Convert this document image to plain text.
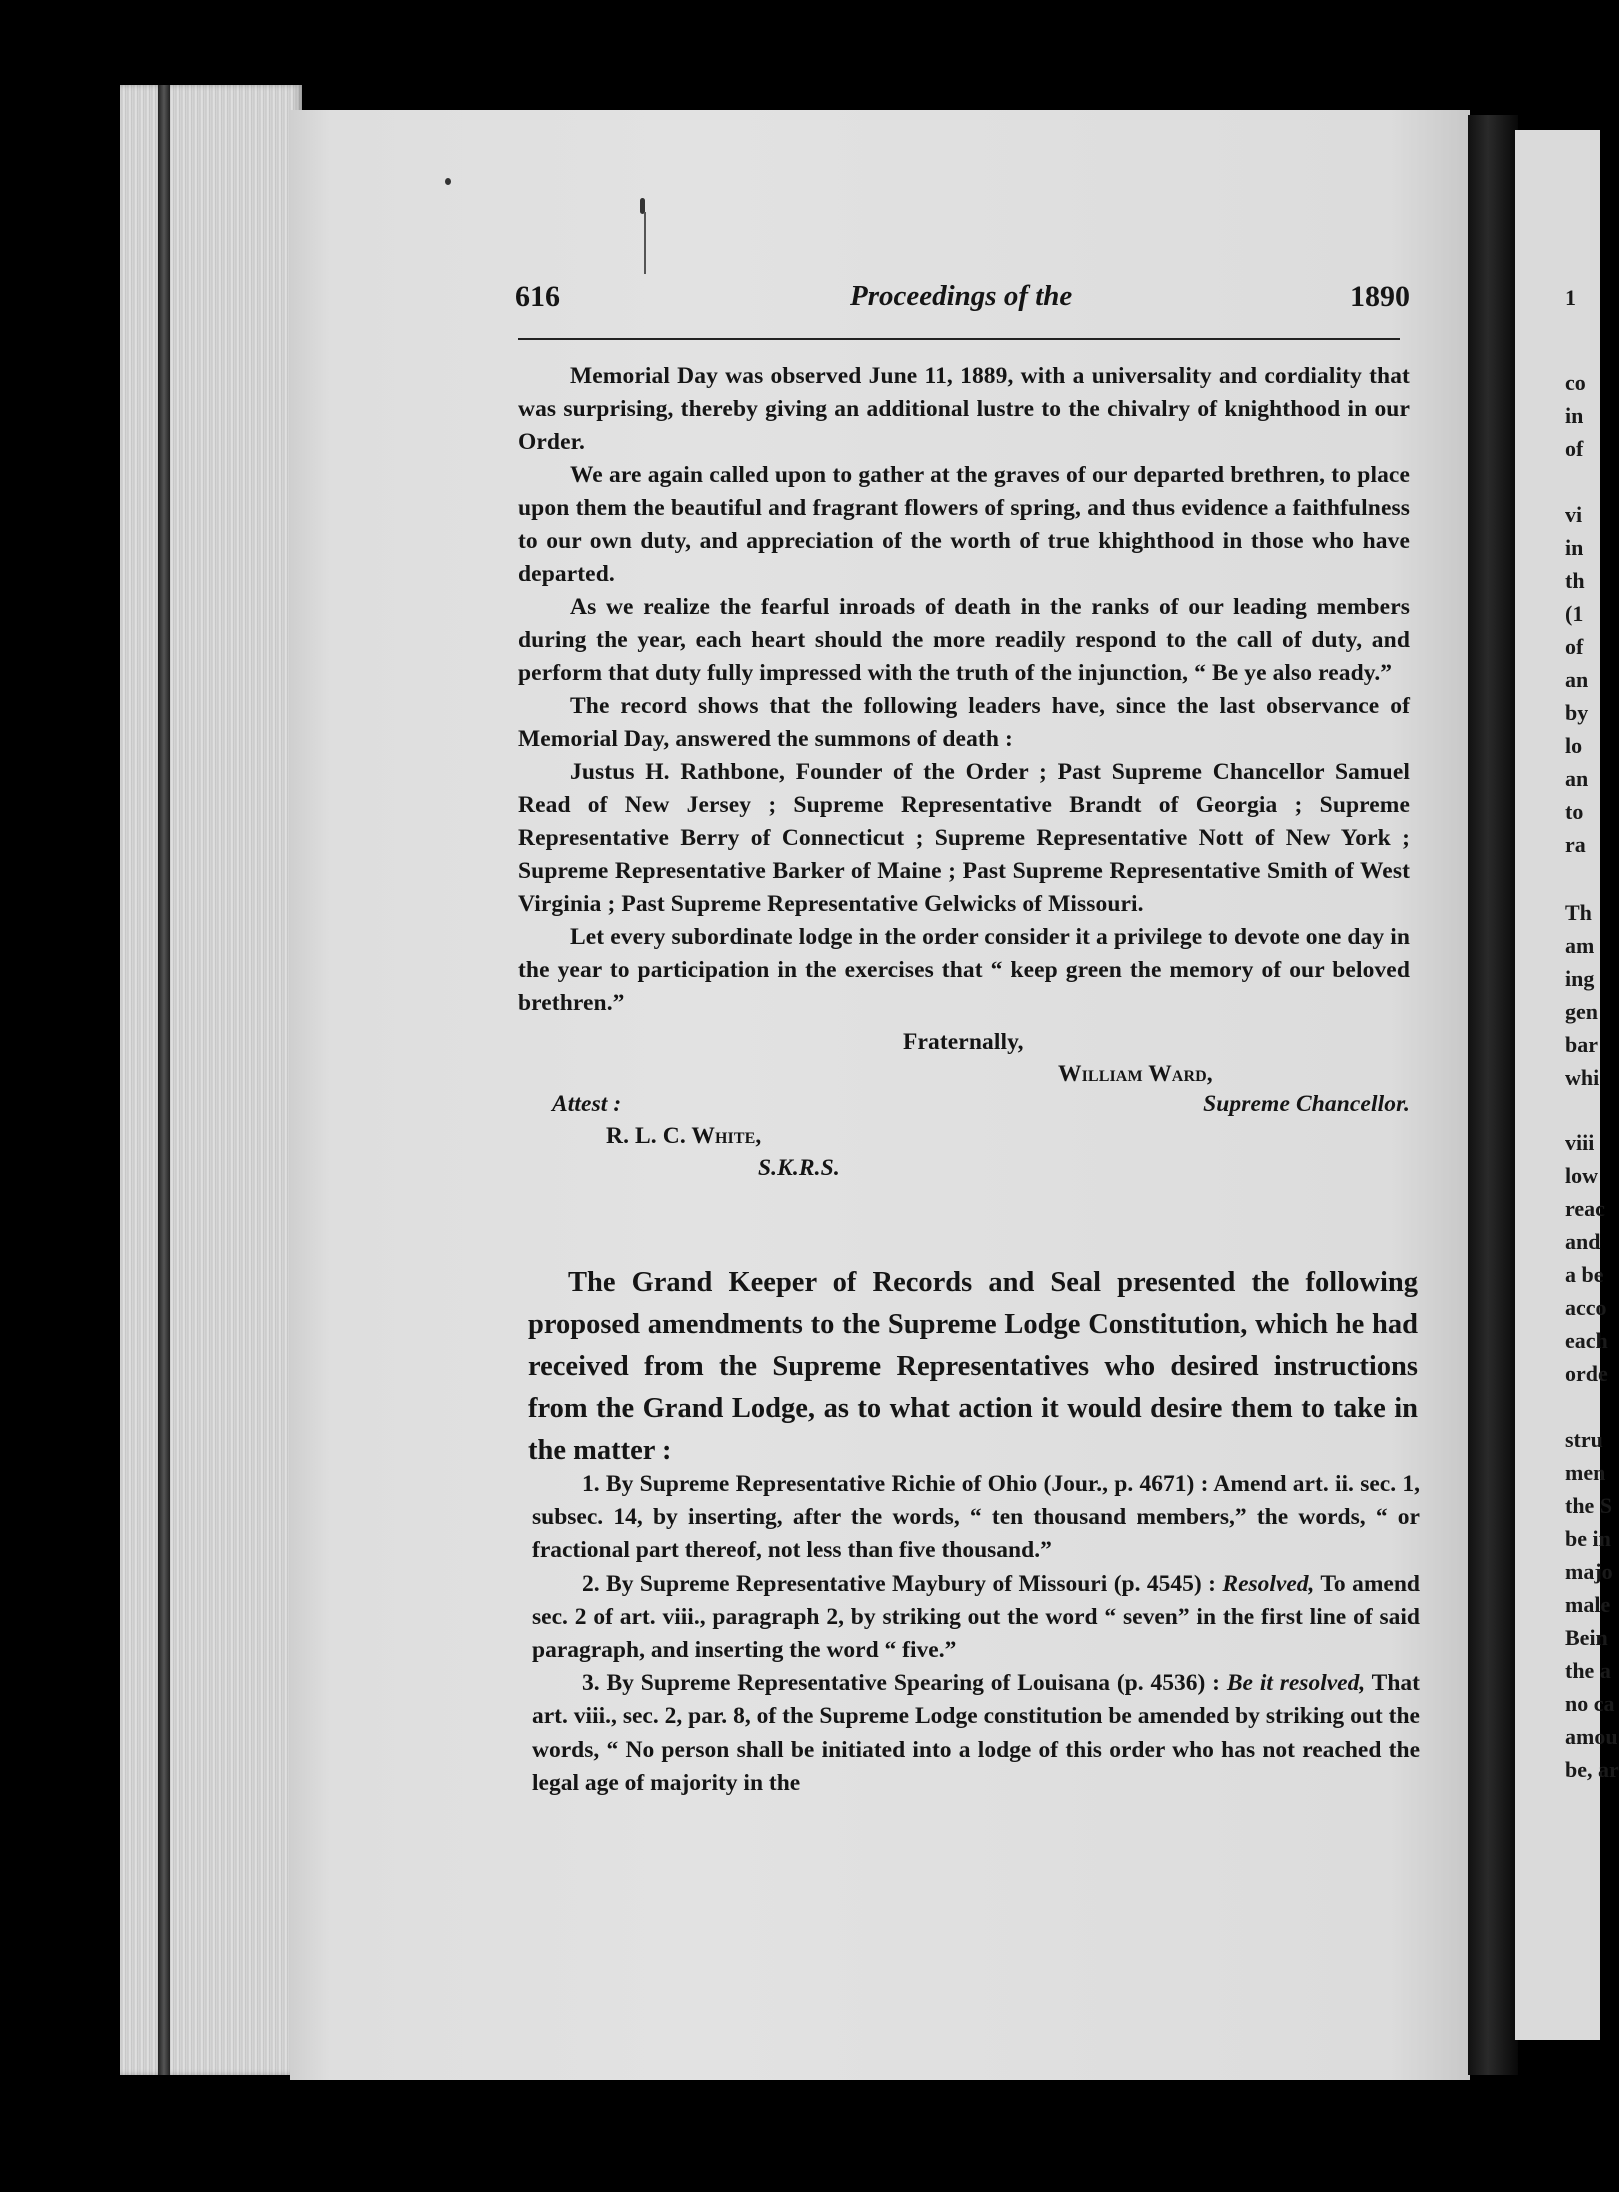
1
co
in
of
vi
in
th
(1
of
an
by
lo
an
to
ra
Th
am
ing
gen
bar
whi
viii
low
reac
and
a be
acco
each
orde
stru
men
the S
be in
majo
male
Bein
the a
no ca
amou
be, ar
616	Proceedings of the	1890

Memorial Day was observed June 11, 1889, with a universality and cordiality that was surprising, thereby giving an additional lustre to the chivalry of knighthood in our Order.

We are again called upon to gather at the graves of our departed brethren, to place upon them the beautiful and fragrant flowers of spring, and thus evidence a faithfulness to our own duty, and appreciation of the worth of true khighthood in those who have departed.

As we realize the fearful inroads of death in the ranks of our leading members during the year, each heart should the more readily respond to the call of duty, and perform that duty fully impressed with the truth of the injunction, “ Be ye also ready.”

The record shows that the following leaders have, since the last observance of Memorial Day, answered the summons of death :

Justus H. Rathbone, Founder of the Order ; Past Supreme Chancellor Samuel Read of New Jersey ; Supreme Representative Brandt of Georgia ; Supreme Representative Berry of Connecticut ; Supreme Representative Nott of New York ; Supreme Representative Barker of Maine ; Past Supreme Representative Smith of West Virginia ; Past Supreme Representative Gelwicks of Missouri.

Let every subordinate lodge in the order consider it a privilege to devote one day in the year to participation in the exercises that “ keep green the memory of our beloved brethren.”

Fraternally,
William Ward,
Supreme Chancellor.
Attest :
R. L. C. White,
S.K.R.S.

The Grand Keeper of Records and Seal presented the following proposed amendments to the Supreme Lodge Constitution, which he had received from the Supreme Representatives who desired instructions from the Grand Lodge, as to what action it would desire them to take in the matter :

1. By Supreme Representative Richie of Ohio (Jour., p. 4671) : Amend art. ii. sec. 1, subsec. 14, by inserting, after the words, “ ten thousand members,” the words, “ or fractional part thereof, not less than five thousand.”

2. By Supreme Representative Maybury of Missouri (p. 4545) : Resolved, To amend sec. 2 of art. viii., paragraph 2, by striking out the word “ seven” in the first line of said paragraph, and inserting the word “ five.”

3. By Supreme Representative Spearing of Louisana (p. 4536) : Be it resolved, That art. viii., sec. 2, par. 8, of the Supreme Lodge constitution be amended by striking out the words, “ No person shall be initiated into a lodge of this order who has not reached the legal age of majority in the
